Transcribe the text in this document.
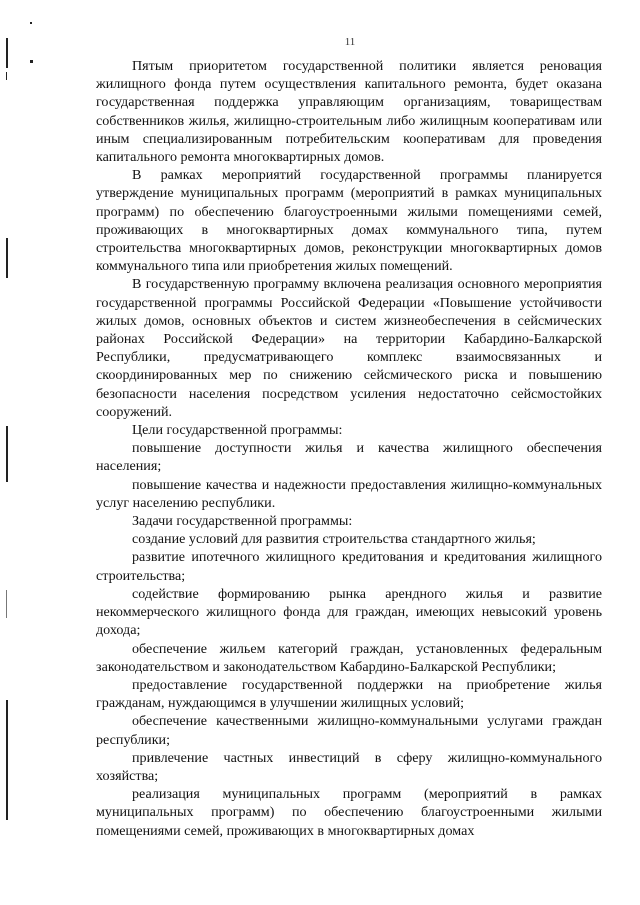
11

Пятым приоритетом государственной политики является реновация жилищного фонда путем осуществления капитального ремонта, будет оказана государственная поддержка управляющим организациям, товариществам собственников жилья, жилищно-строительным либо жилищным кооперативам или иным специализированным потребительским кооперативам для проведения капитального ремонта многоквартирных домов.

В рамках мероприятий государственной программы планируется утверждение муниципальных программ (мероприятий в рамках муниципальных программ) по обеспечению благоустроенными жилыми помещениями семей, проживающих в многоквартирных домах коммунального типа, путем строительства многоквартирных домов, реконструкции многоквартирных домов коммунального типа или приобретения жилых помещений.

В государственную программу включена реализация основного мероприятия государственной программы Российской Федерации «Повышение устойчивости жилых домов, основных объектов и систем жизнеобеспечения в сейсмических районах Российской Федерации» на территории Кабардино-Балкарской Республики, предусматривающего комплекс взаимосвязанных и скоординированных мер по снижению сейсмического риска и повышению безопасности населения посредством усиления недостаточно сейсмостойких сооружений.

Цели государственной программы:

повышение доступности жилья и качества жилищного обеспечения населения;

повышение качества и надежности предоставления жилищно-коммунальных услуг населению республики.

Задачи государственной программы:

создание условий для развития строительства стандартного жилья;

развитие ипотечного жилищного кредитования и кредитования жилищного строительства;

содействие формированию рынка арендного жилья и развитие некоммерческого жилищного фонда для граждан, имеющих невысокий уровень дохода;

обеспечение жильем категорий граждан, установленных федеральным законодательством и законодательством Кабардино-Балкарской Республики;

предоставление государственной поддержки на приобретение жилья гражданам, нуждающимся в улучшении жилищных условий;

обеспечение качественными жилищно-коммунальными услугами граждан республики;

привлечение частных инвестиций в сферу жилищно-коммунального хозяйства;

реализация муниципальных программ (мероприятий в рамках муниципальных программ) по обеспечению благоустроенными жилыми помещениями семей, проживающих в многоквартирных домах
